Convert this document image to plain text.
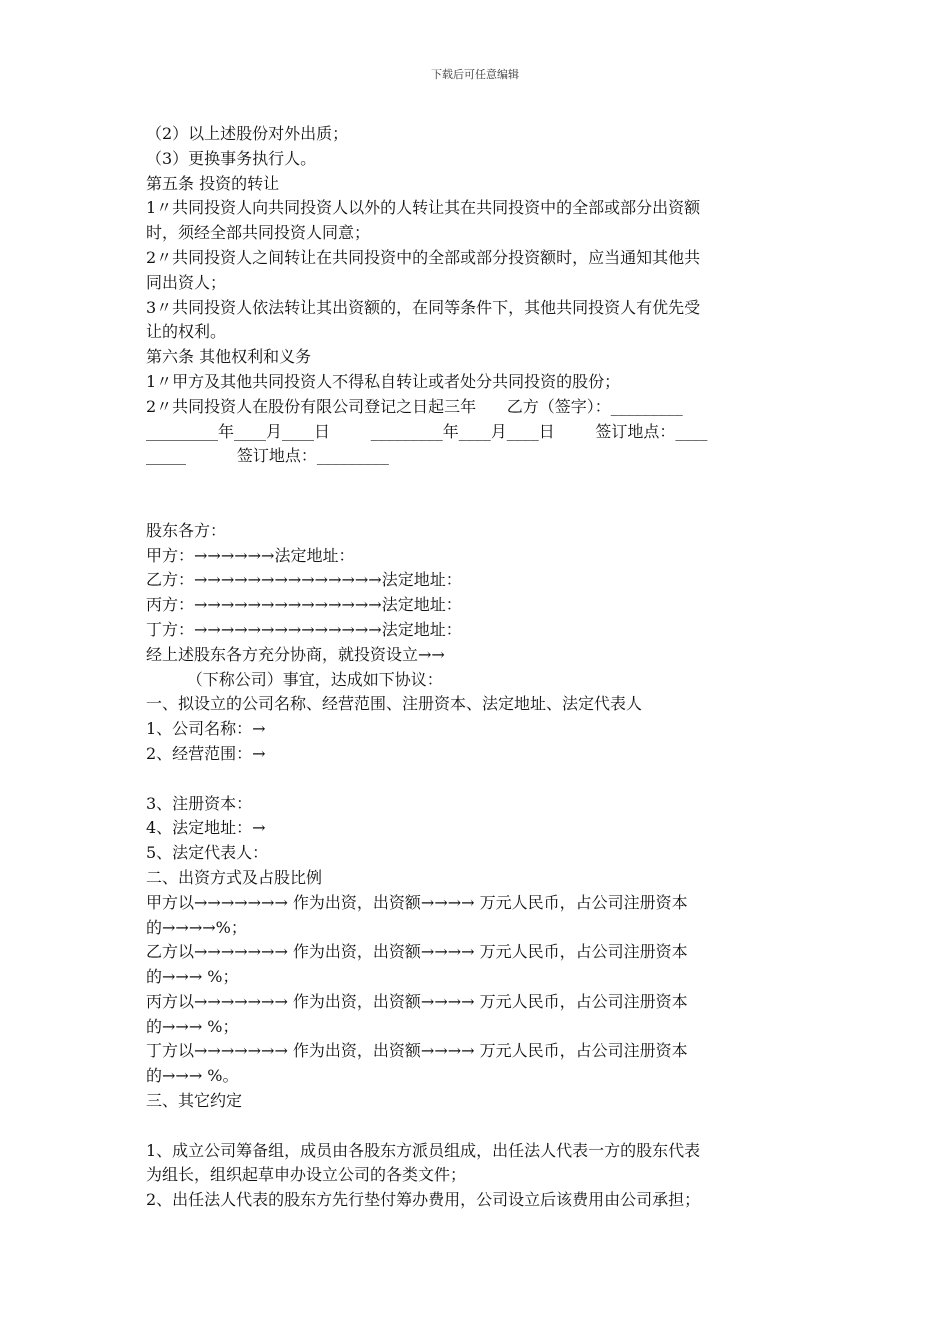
下载后可任意编辑
（2）以上述股份对外出质；
（3）更换事务执行人。
第五条 投资的转让
1〃共同投资人向共同投资人以外的人转让其在共同投资中的全部或部分出资额
时，须经全部共同投资人同意；
2〃共同投资人之间转让在共同投资中的全部或部分投资额时，应当通知其他共
同出资人；
3〃共同投资人依法转让其出资额的，在同等条件下，其他共同投资人有优先受
让的权利。
第六条 其他权利和义务
1〃甲方及其他共同投资人不得私自转让或者处分共同投资的股份；
2〃共同投资人在股份有限公司登记之日起三年      乙方（签字）：_________
_________年____月____日        _________年____月____日        签订地点：____
_____          签订地点：_________
股东各方：
甲方：→→→→→→法定地址：
乙方：→→→→→→→→→→→→→→法定地址：
丙方：→→→→→→→→→→→→→→法定地址：
丁方：→→→→→→→→→→→→→→法定地址：
经上述股东各方充分协商，就投资设立→→
（下称公司）事宜，达成如下协议：
一、拟设立的公司名称、经营范围、注册资本、法定地址、法定代表人
1、公司名称：→
2、经营范围：→
3、注册资本：
4、法定地址：→
5、法定代表人：
二、出资方式及占股比例
甲方以→→→→→→→ 作为出资，出资额→→→→ 万元人民币，占公司注册资本
的→→→→%；
乙方以→→→→→→→ 作为出资，出资额→→→→ 万元人民币，占公司注册资本
的→→→ %；
丙方以→→→→→→→ 作为出资，出资额→→→→ 万元人民币，占公司注册资本
的→→→ %；
丁方以→→→→→→→ 作为出资，出资额→→→→ 万元人民币，占公司注册资本
的→→→ %。
三、其它约定
1、成立公司筹备组，成员由各股东方派员组成，出任法人代表一方的股东代表
为组长，组织起草申办设立公司的各类文件；
2、出任法人代表的股东方先行垫付筹办费用，公司设立后该费用由公司承担；
